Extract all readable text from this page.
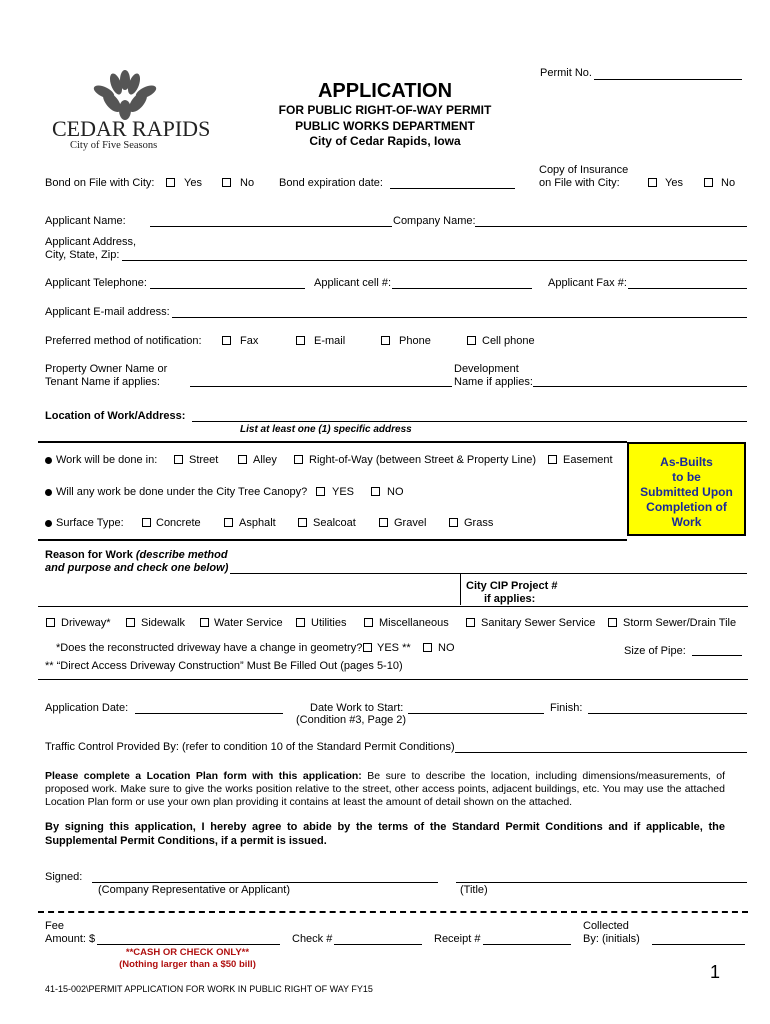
Permit No.
CEDAR RAPIDS
City of Five Seasons
APPLICATION
FOR PUBLIC RIGHT-OF-WAY PERMIT
PUBLIC WORKS DEPARTMENT
City of Cedar Rapids, Iowa
Bond on File with City:	Yes	No Bond expiration date:
Copy of Insurance
on File with City:	Yes	No
Applicant Name:	Company Name:
Applicant Address,
City, State, Zip:
Applicant Telephone:	Applicant cell #:	Applicant Fax #:
Applicant E-mail address:
Preferred method of notification:	Fax	E-mail	Phone	Cell phone
Property Owner Name or
Tenant Name if applies:
Development
Name if applies:
Location of Work/Address:
List at least one (1) specific address
Work will be done in:	Street	Alley	Right-of-Way (between Street & Property Line) Easement
Will any work be done under the City Tree Canopy? YES	NO
Surface Type:	Concrete	Asphalt	Sealcoat	Gravel	Grass
As-Builts
to be
Submitted Upon
Completion of
Work
Reason for Work (describe method
and purpose and check one below)
City CIP Project #
if applies:
Driveway*	Sidewalk	Water Service	Utilities	Miscellaneous	Sanitary Sewer Service	Storm Sewer/Drain Tile
*Does the reconstructed driveway have a change in geometry? YES ** NO	Size of Pipe:
** “Direct Access Driveway Construction” Must Be Filled Out (pages 5-10)
Application Date:	Date Work to Start:
(Condition #3, Page 2)
Finish:
Traffic Control Provided By: (refer to condition 10 of the Standard Permit Conditions)
Please complete a Location Plan form with this application: Be sure to describe the location, including dimensions/measurements, of proposed work. Make sure to give the works position relative to the street, other access points, adjacent buildings, etc. You may use the attached Location Plan form or use your own plan providing it contains at least the amount of detail shown on the attached.
By signing this application, I hereby agree to abide by the terms of the Standard Permit Conditions and if applicable, the Supplemental Permit Conditions, if a permit is issued.
Signed:
(Company Representative or Applicant)	(Title)
Fee
Amount: $	Check #	Receipt #
Collected
By: (initials)
**CASH OR CHECK ONLY**
(Nothing larger than a $50 bill)	1
41-15-002\PERMIT APPLICATION FOR WORK IN PUBLIC RIGHT OF WAY FY15
